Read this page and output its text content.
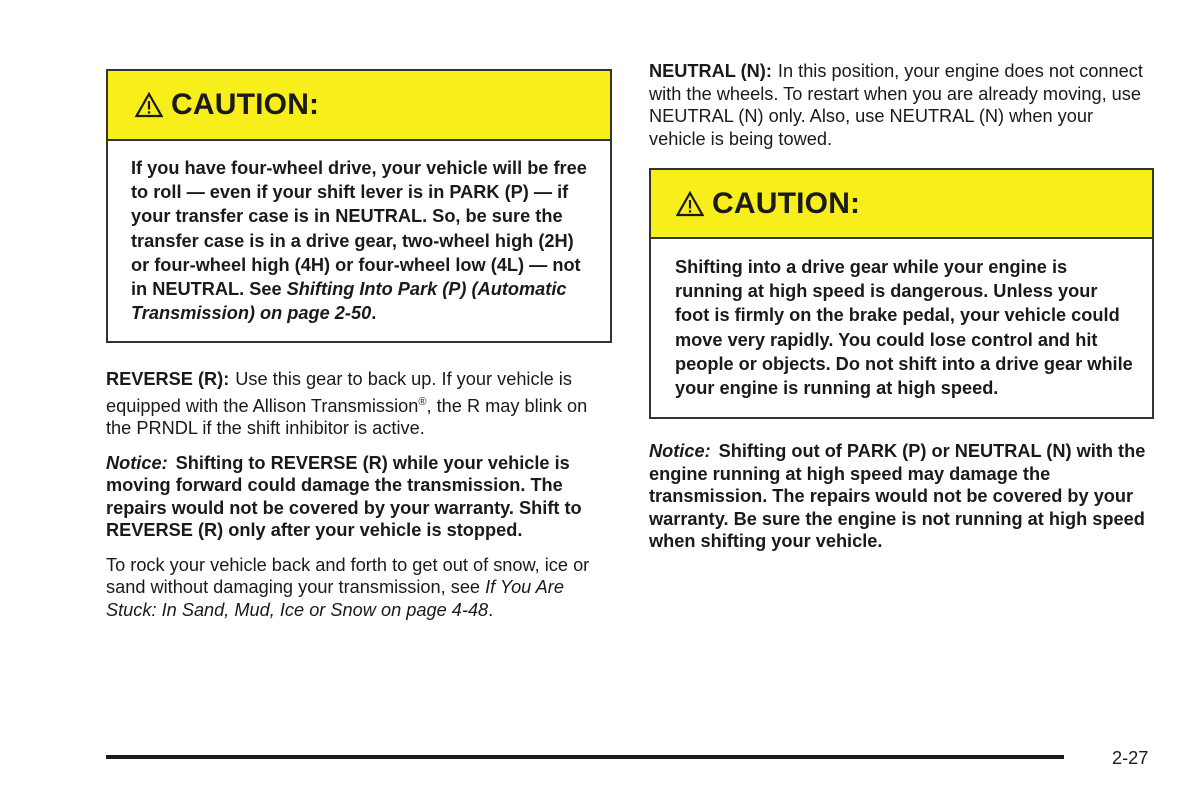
CAUTION:
If you have four-wheel drive, your vehicle will be free to roll — even if your shift lever is in PARK (P) — if your transfer case is in NEUTRAL. So, be sure the transfer case is in a drive gear, two-wheel high (2H) or four-wheel high (4H) or four-wheel low (4L) — not in NEUTRAL. See Shifting Into Park (P) (Automatic Transmission) on page 2-50.

REVERSE (R): Use this gear to back up. If your vehicle is equipped with the Allison Transmission®, the R may blink on the PRNDL if the shift inhibitor is active.

Notice: Shifting to REVERSE (R) while your vehicle is moving forward could damage the transmission. The repairs would not be covered by your warranty. Shift to REVERSE (R) only after your vehicle is stopped.

To rock your vehicle back and forth to get out of snow, ice or sand without damaging your transmission, see If You Are Stuck: In Sand, Mud, Ice or Snow on page 4-48.

NEUTRAL (N): In this position, your engine does not connect with the wheels. To restart when you are already moving, use NEUTRAL (N) only. Also, use NEUTRAL (N) when your vehicle is being towed.

CAUTION:
Shifting into a drive gear while your engine is running at high speed is dangerous. Unless your foot is firmly on the brake pedal, your vehicle could move very rapidly. You could lose control and hit people or objects. Do not shift into a drive gear while your engine is running at high speed.

Notice: Shifting out of PARK (P) or NEUTRAL (N) with the engine running at high speed may damage the transmission. The repairs would not be covered by your warranty. Be sure the engine is not running at high speed when shifting your vehicle.

2-27
